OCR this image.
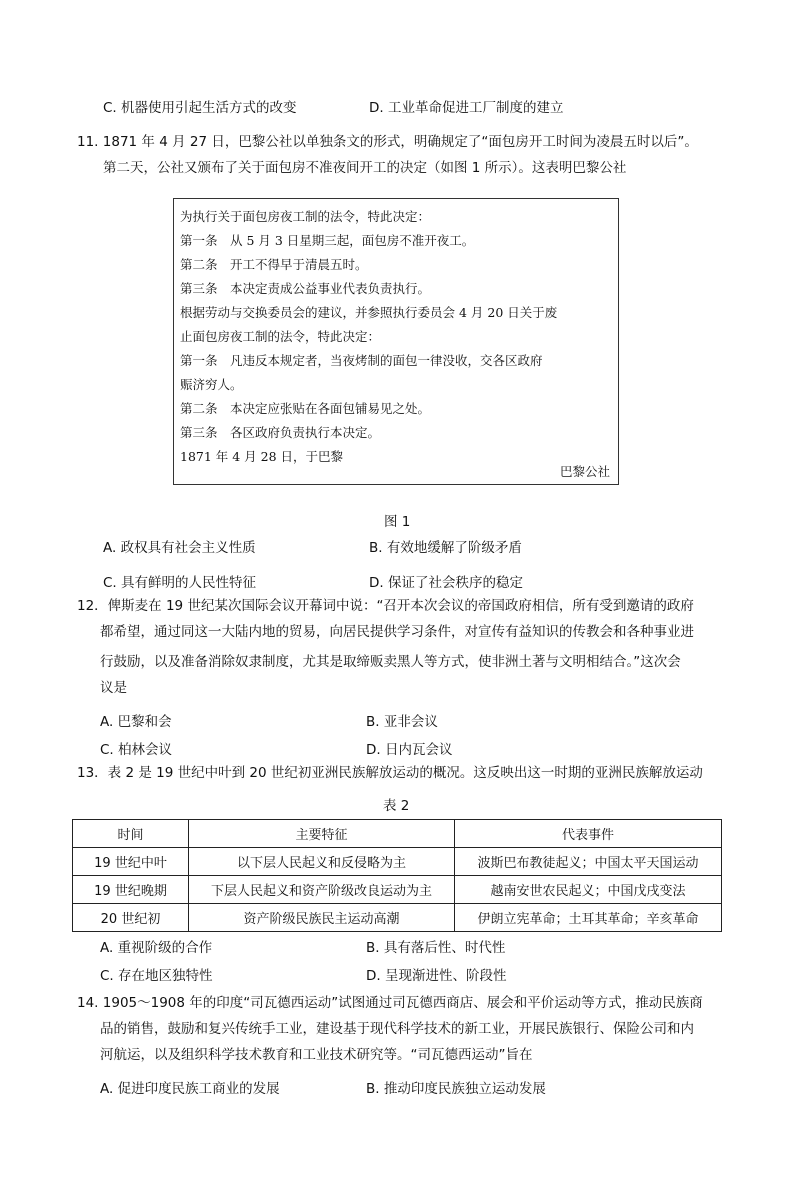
C. 机器使用引起生活方式的改变	D. 工业革命促进工厂制度的建立
11. 1871 年 4 月 27 日，巴黎公社以单独条文的形式，明确规定了“面包房开工时间为凌晨五时以后”。
第二天，公社又颁布了关于面包房不准夜间开工的决定（如图 1 所示）。这表明巴黎公社
为执行关于面包房夜工制的法令，特此决定：
第一条　从 5 月 3 日星期三起，面包房不准开夜工。
第二条　开工不得早于清晨五时。
第三条　本决定责成公益事业代表负责执行。
根据劳动与交换委员会的建议，并参照执行委员会 4 月 20 日关于废
止面包房夜工制的法令，特此决定：
第一条　凡违反本规定者，当夜烤制的面包一律没收，交各区政府
赈济穷人。
第二条　本决定应张贴在各面包铺易见之处。
第三条　各区政府负责执行本决定。
1871 年 4 月 28 日，于巴黎
巴黎公社
图 1
A. 政权具有社会主义性质	B. 有效地缓解了阶级矛盾
C. 具有鲜明的人民性特征	D. 保证了社会秩序的稳定
12．俾斯麦在 19 世纪某次国际会议开幕词中说：“召开本次会议的帝国政府相信，所有受到邀请的政府
都希望，通过同这一大陆内地的贸易，向居民提供学习条件，对宣传有益知识的传教会和各种事业进
行鼓励，以及准备消除奴隶制度，尤其是取缔贩卖黑人等方式，使非洲土著与文明相结合。”这次会
议是
A. 巴黎和会	B. 亚非会议
C. 柏林会议	D. 日内瓦会议
13．表 2 是 19 世纪中叶到 20 世纪初亚洲民族解放运动的概况。这反映出这一时期的亚洲民族解放运动
表 2
时间	主要特征	代表事件
19 世纪中叶	以下层人民起义和反侵略为主	波斯巴布教徒起义；中国太平天国运动
19 世纪晚期	下层人民起义和资产阶级改良运动为主	越南安世农民起义；中国戊戌变法
20 世纪初	资产阶级民族民主运动高潮	伊朗立宪革命；土耳其革命；辛亥革命
A. 重视阶级的合作	B. 具有落后性、时代性
C. 存在地区独特性	D. 呈现渐进性、阶段性
14. 1905～1908 年的印度“司瓦德西运动”试图通过司瓦德西商店、展会和平价运动等方式，推动民族商
品的销售，鼓励和复兴传统手工业，建设基于现代科学技术的新工业，开展民族银行、保险公司和内
河航运，以及组织科学技术教育和工业技术研究等。“司瓦德西运动”旨在
A. 促进印度民族工商业的发展	B. 推动印度民族独立运动发展
